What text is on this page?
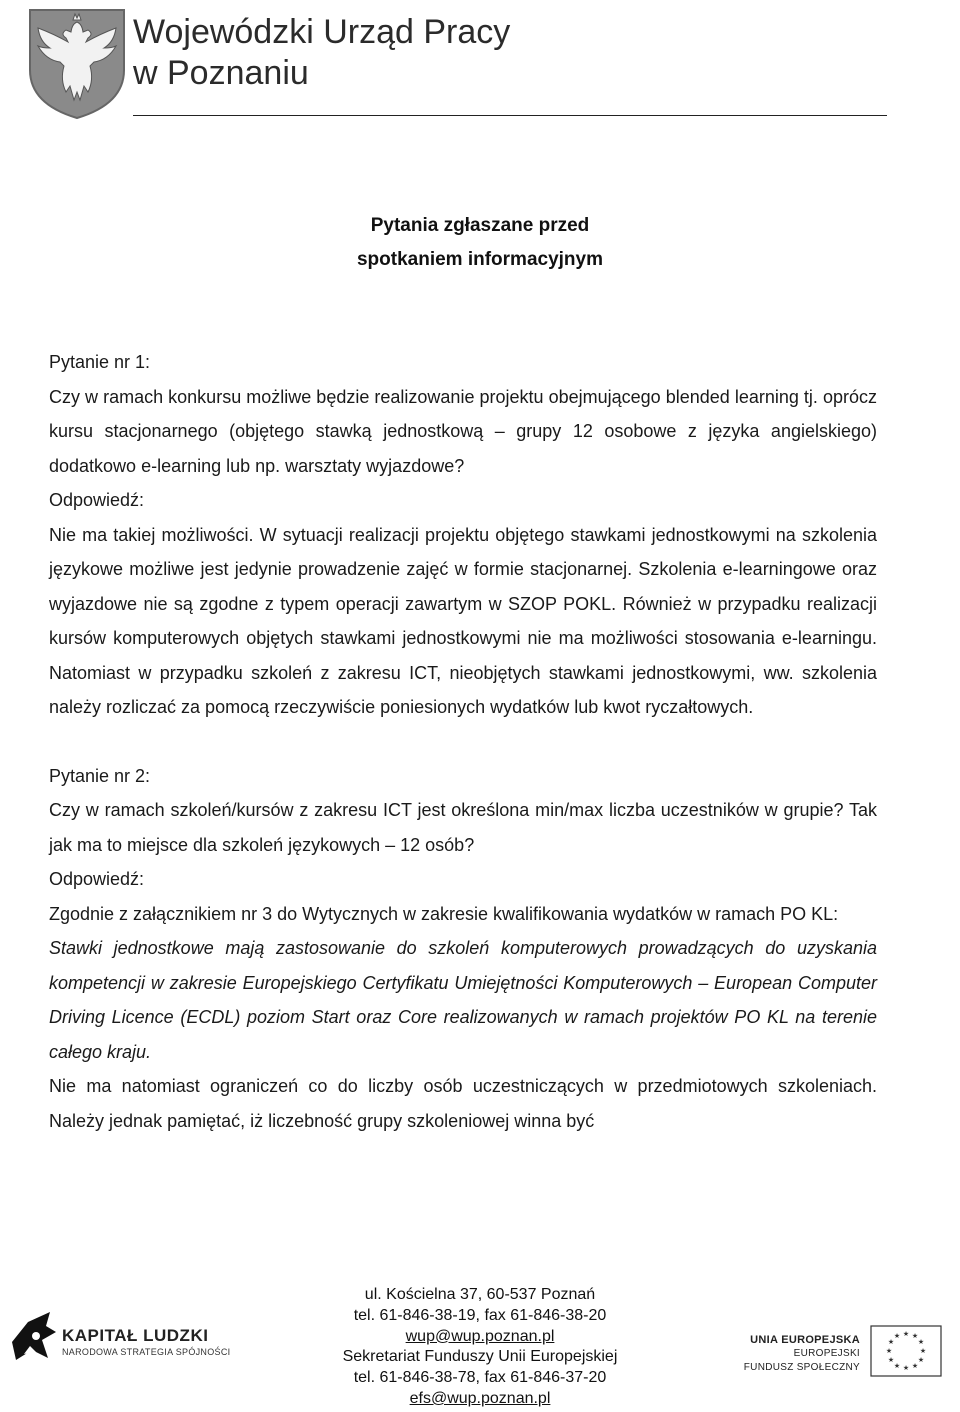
Wojewódzki Urząd Pracy
w Poznaniu
Pytania zgłaszane przed
spotkaniem informacyjnym

Pytanie nr 1:

Czy w ramach konkursu możliwe będzie realizowanie projektu obejmującego blended learning tj. oprócz kursu stacjonarnego (objętego stawką jednostkową – grupy 12 osobowe z języka angielskiego) dodatkowo e-learning lub np. warsztaty wyjazdowe?

Odpowiedź:

Nie ma takiej możliwości. W sytuacji realizacji projektu objętego stawkami jednostkowymi na szkolenia językowe możliwe jest jedynie prowadzenie zajęć w formie stacjonarnej. Szkolenia e-learningowe oraz wyjazdowe nie są zgodne z typem operacji zawartym w SZOP POKL. Również w przypadku realizacji kursów komputerowych objętych stawkami jednostkowymi nie ma możliwości stosowania e-learningu. Natomiast w przypadku szkoleń z zakresu ICT, nieobjętych stawkami jednostkowymi, ww. szkolenia należy rozliczać za pomocą rzeczywiście poniesionych wydatków lub kwot ryczałtowych.

Pytanie nr 2:

Czy w ramach szkoleń/kursów z zakresu ICT jest określona min/max liczba uczestników w grupie? Tak jak ma to miejsce dla szkoleń językowych – 12 osób?

Odpowiedź:

Zgodnie z załącznikiem nr 3 do Wytycznych w zakresie kwalifikowania wydatków w ramach PO KL:

Stawki jednostkowe mają zastosowanie do szkoleń komputerowych prowadzących do uzyskania kompetencji w zakresie Europejskiego Certyfikatu Umiejętności Komputerowych – European Computer Driving Licence (ECDL) poziom Start oraz Core realizowanych w ramach projektów PO KL na terenie całego kraju.

Nie ma natomiast ograniczeń co do liczby osób uczestniczących w przedmiotowych szkoleniach. Należy jednak pamiętać, iż liczebność grupy szkoleniowej winna być

KAPITAŁ LUDZKI
NARODOWA STRATEGIA SPÓJNOŚCI
ul. Kościelna 37, 60-537 Poznań
tel. 61-846-38-19, fax 61-846-38-20
wup@wup.poznan.pl
Sekretariat Funduszy Unii Europejskiej
tel. 61-846-38-78, fax 61-846-37-20
efs@wup.poznan.pl
UNIA EUROPEJSKA
EUROPEJSKI
FUNDUSZ SPOŁECZNY
★ ★
★
★
★
★
★
★
★
★
★
★
